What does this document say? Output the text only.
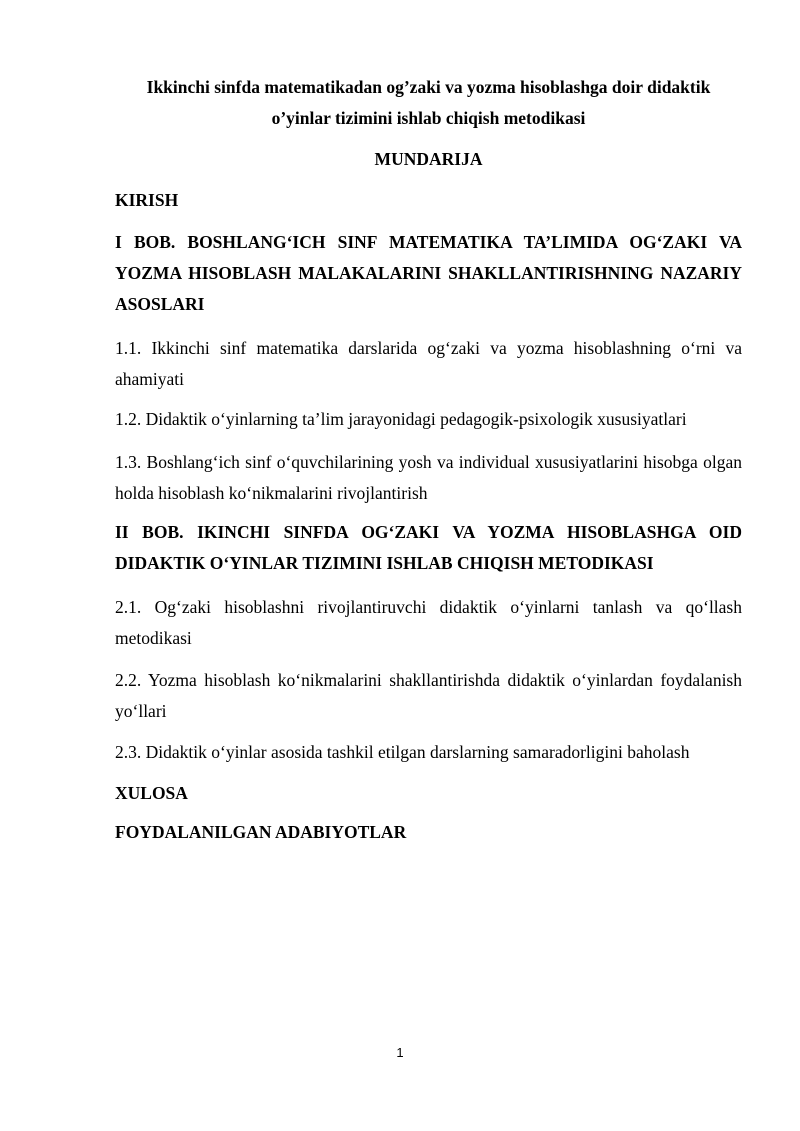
Ikkinchi sinfda matematikadan og’zaki va yozma hisoblashga doir didaktik
o’yinlar tizimini ishlab chiqish metodikasi
MUNDARIJA
KIRISH
I BOB. BOSHLANG‘ICH SINF MATEMATIKA TA’LIMIDA OG‘ZAKI VA YOZMA HISOBLASH MALAKALARINI SHAKLLANTIRISHNING NAZARIY ASOSLARI
1.1. Ikkinchi sinf matematika darslarida og‘zaki va yozma hisoblashning o‘rni va ahamiyati
1.2. Didaktik o‘yinlarning ta’lim jarayonidagi pedagogik-psixologik xususiyatlari
1.3. Boshlang‘ich sinf o‘quvchilarining yosh va individual xususiyatlarini hisobga olgan holda hisoblash ko‘nikmalarini rivojlantirish
II BOB. IKINCHI SINFDA OG‘ZAKI VA YOZMA HISOBLASHGA OID DIDAKTIK O‘YINLAR TIZIMINI ISHLAB CHIQISH METODIKASI
2.1. Og‘zaki hisoblashni rivojlantiruvchi didaktik o‘yinlarni tanlash va qo‘llash metodikasi
2.2. Yozma hisoblash ko‘nikmalarini shakllantirishda didaktik o‘yinlardan foydalanish yo‘llari
2.3. Didaktik o‘yinlar asosida tashkil etilgan darslarning samaradorligini baholash
XULOSA
FOYDALANILGAN ADABIYOTLAR
1
